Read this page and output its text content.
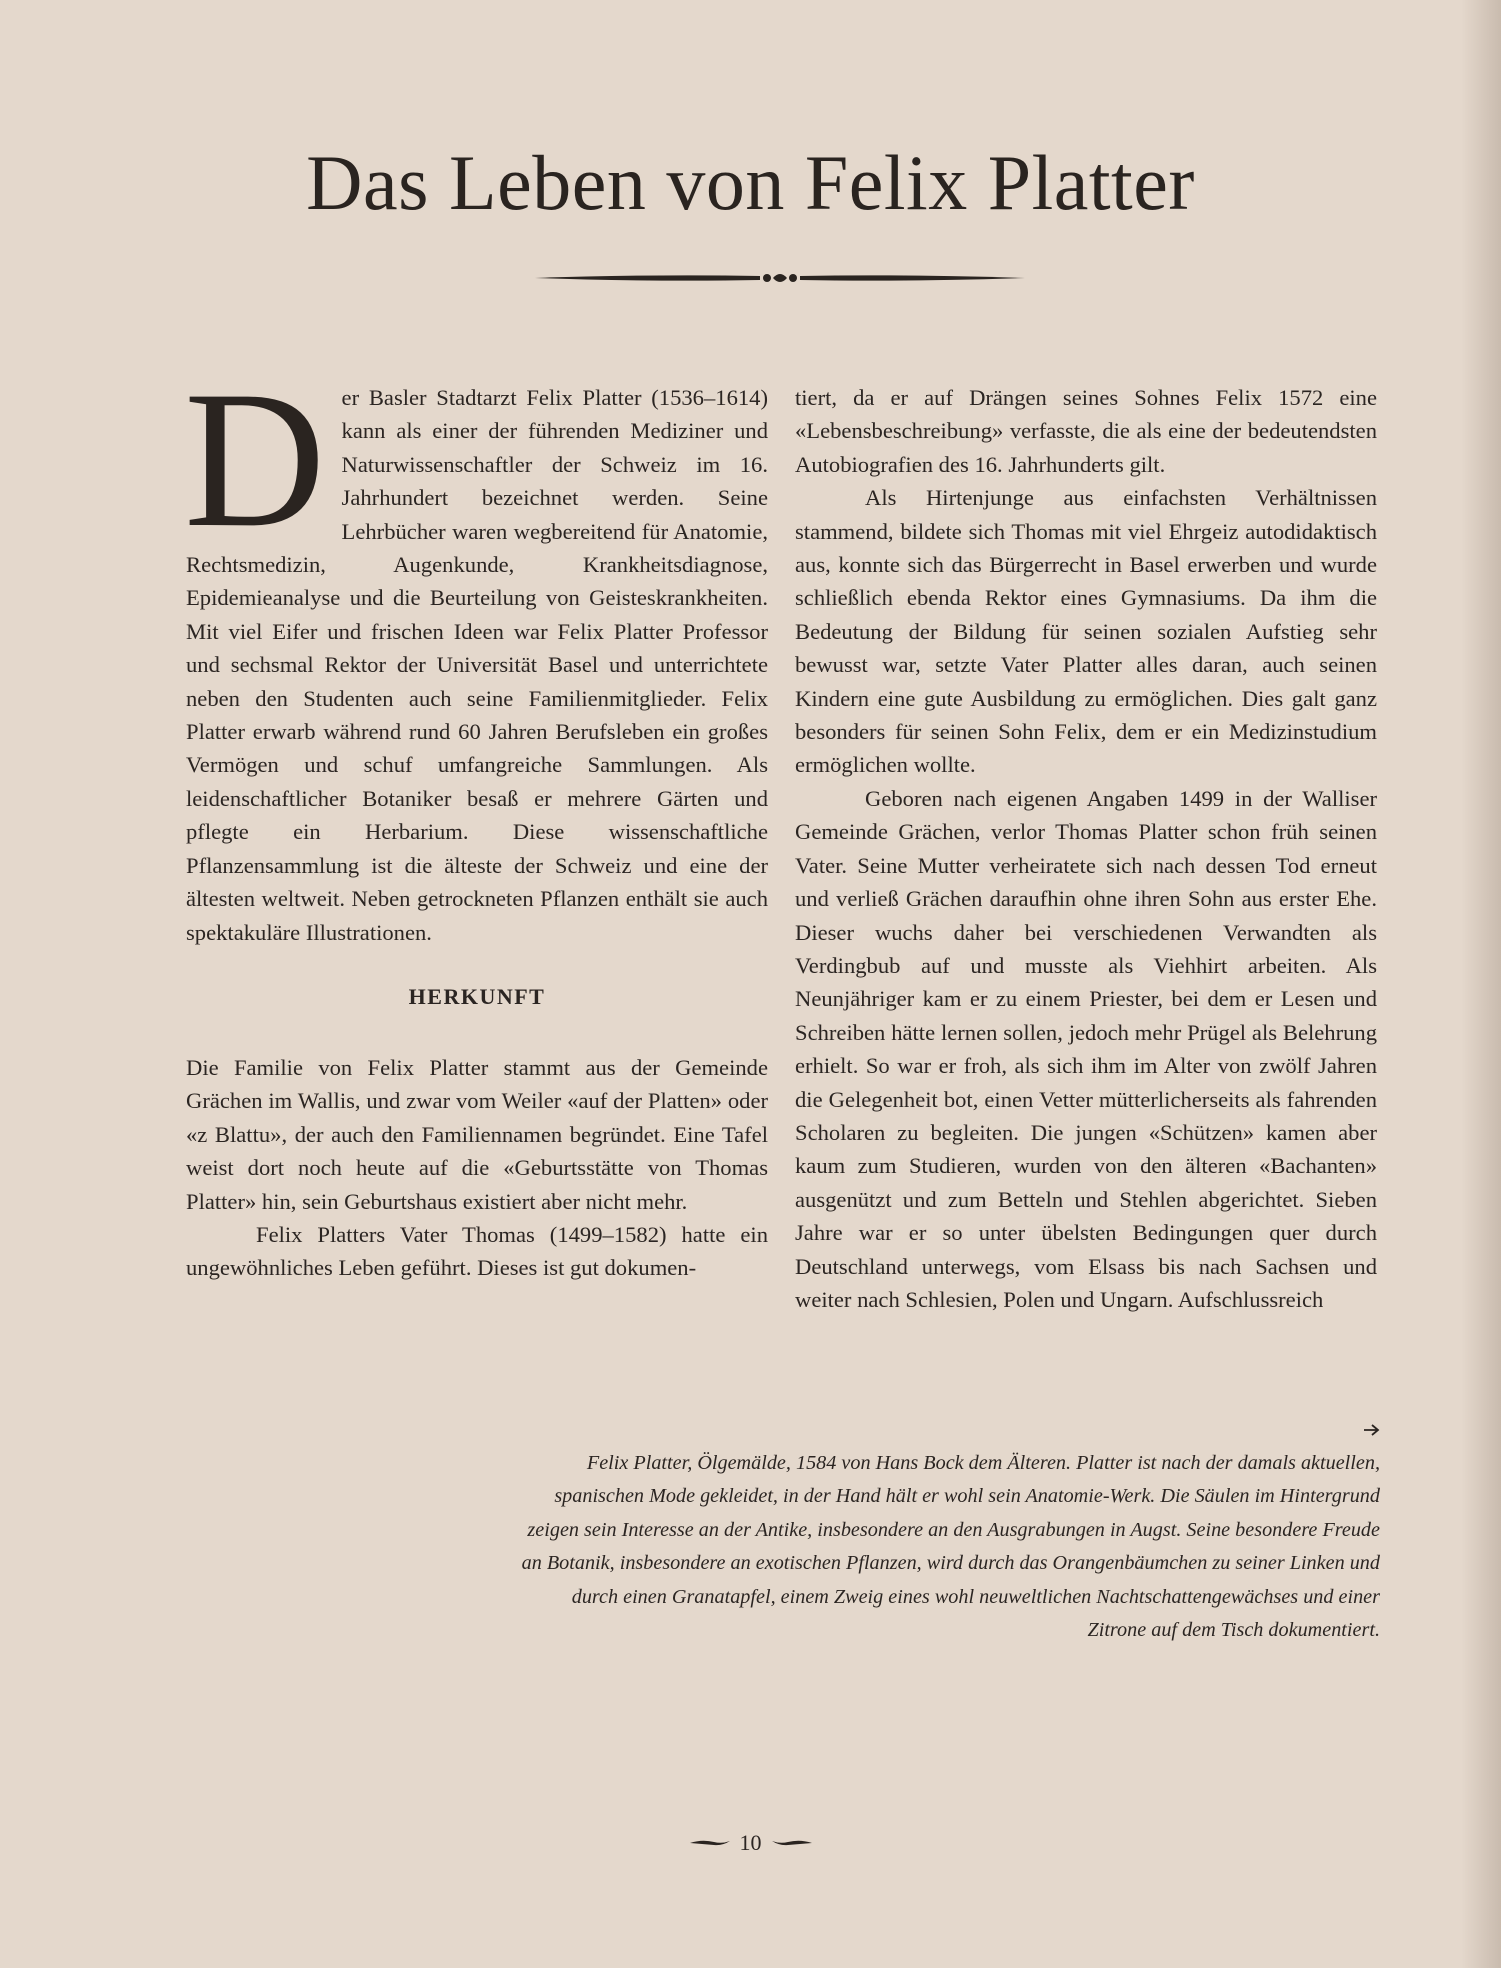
Das Leben von Felix Platter

D er Basler Stadtarzt Felix Platter (1536–1614) kann als einer der führenden Mediziner und Naturwissenschaftler der Schweiz im 16. Jahrhundert bezeichnet werden. Seine Lehrbücher waren wegbereitend für Anatomie, Rechtsmedizin, Augenkunde, Krankheitsdiagnose, Epidemieanalyse und die Beurteilung von Geisteskrankheiten. Mit viel Eifer und frischen Ideen war Felix Platter Professor und sechsmal Rektor der Universität Basel und unterrichtete neben den Studenten auch seine Familienmitglieder. Felix Platter erwarb während rund 60 Jahren Berufsleben ein großes Vermögen und schuf umfangreiche Sammlungen. Als leidenschaftlicher Botaniker besaß er mehrere Gärten und pflegte ein Herbarium. Diese wissenschaftliche Pflanzensammlung ist die älteste der Schweiz und eine der ältesten weltweit. Neben getrockneten Pflanzen enthält sie auch spektakuläre Illustrationen.

HERKUNFT

Die Familie von Felix Platter stammt aus der Gemeinde Grächen im Wallis, und zwar vom Weiler «auf der Platten» oder «z Blattu», der auch den Familiennamen begründet. Eine Tafel weist dort noch heute auf die «Geburtsstätte von Thomas Platter» hin, sein Geburtshaus existiert aber nicht mehr.

Felix Platters Vater Thomas (1499–1582) hatte ein ungewöhnliches Leben geführt. Dieses ist gut dokumen-

tiert, da er auf Drängen seines Sohnes Felix 1572 eine «Lebensbeschreibung» verfasste, die als eine der bedeutendsten Autobiografien des 16. Jahrhunderts gilt.

Als Hirtenjunge aus einfachsten Verhältnissen stammend, bildete sich Thomas mit viel Ehrgeiz autodidaktisch aus, konnte sich das Bürgerrecht in Basel erwerben und wurde schließlich ebenda Rektor eines Gymnasiums. Da ihm die Bedeutung der Bildung für seinen sozialen Aufstieg sehr bewusst war, setzte Vater Platter alles daran, auch seinen Kindern eine gute Ausbildung zu ermöglichen. Dies galt ganz besonders für seinen Sohn Felix, dem er ein Medizinstudium ermöglichen wollte.

Geboren nach eigenen Angaben 1499 in der Walliser Gemeinde Grächen, verlor Thomas Platter schon früh seinen Vater. Seine Mutter verheiratete sich nach dessen Tod erneut und verließ Grächen daraufhin ohne ihren Sohn aus erster Ehe. Dieser wuchs daher bei verschiedenen Verwandten als Verdingbub auf und musste als Viehhirt arbeiten. Als Neunjähriger kam er zu einem Priester, bei dem er Lesen und Schreiben hätte lernen sollen, jedoch mehr Prügel als Belehrung erhielt. So war er froh, als sich ihm im Alter von zwölf Jahren die Gelegenheit bot, einen Vetter mütterlicherseits als fahrenden Scholaren zu begleiten. Die jungen «Schützen» kamen aber kaum zum Studieren, wurden von den älteren «Bachanten» ausgenützt und zum Betteln und Stehlen abgerichtet. Sieben Jahre war er so unter übelsten Bedingungen quer durch Deutschland unterwegs, vom Elsass bis nach Sachsen und weiter nach Schlesien, Polen und Ungarn. Aufschlussreich

Felix Platter, Ölgemälde, 1584 von Hans Bock dem Älteren. Platter ist nach der damals aktuellen, spanischen Mode gekleidet, in der Hand hält er wohl sein Anatomie-Werk. Die Säulen im Hintergrund zeigen sein Interesse an der Antike, insbesondere an den Ausgrabungen in Augst. Seine besondere Freude an Botanik, insbesondere an exotischen Pflanzen, wird durch das Orangenbäumchen zu seiner Linken und durch einen Granatapfel, einem Zweig eines wohl neuweltlichen Nachtschattengewächses und einer Zitrone auf dem Tisch dokumentiert.

10
